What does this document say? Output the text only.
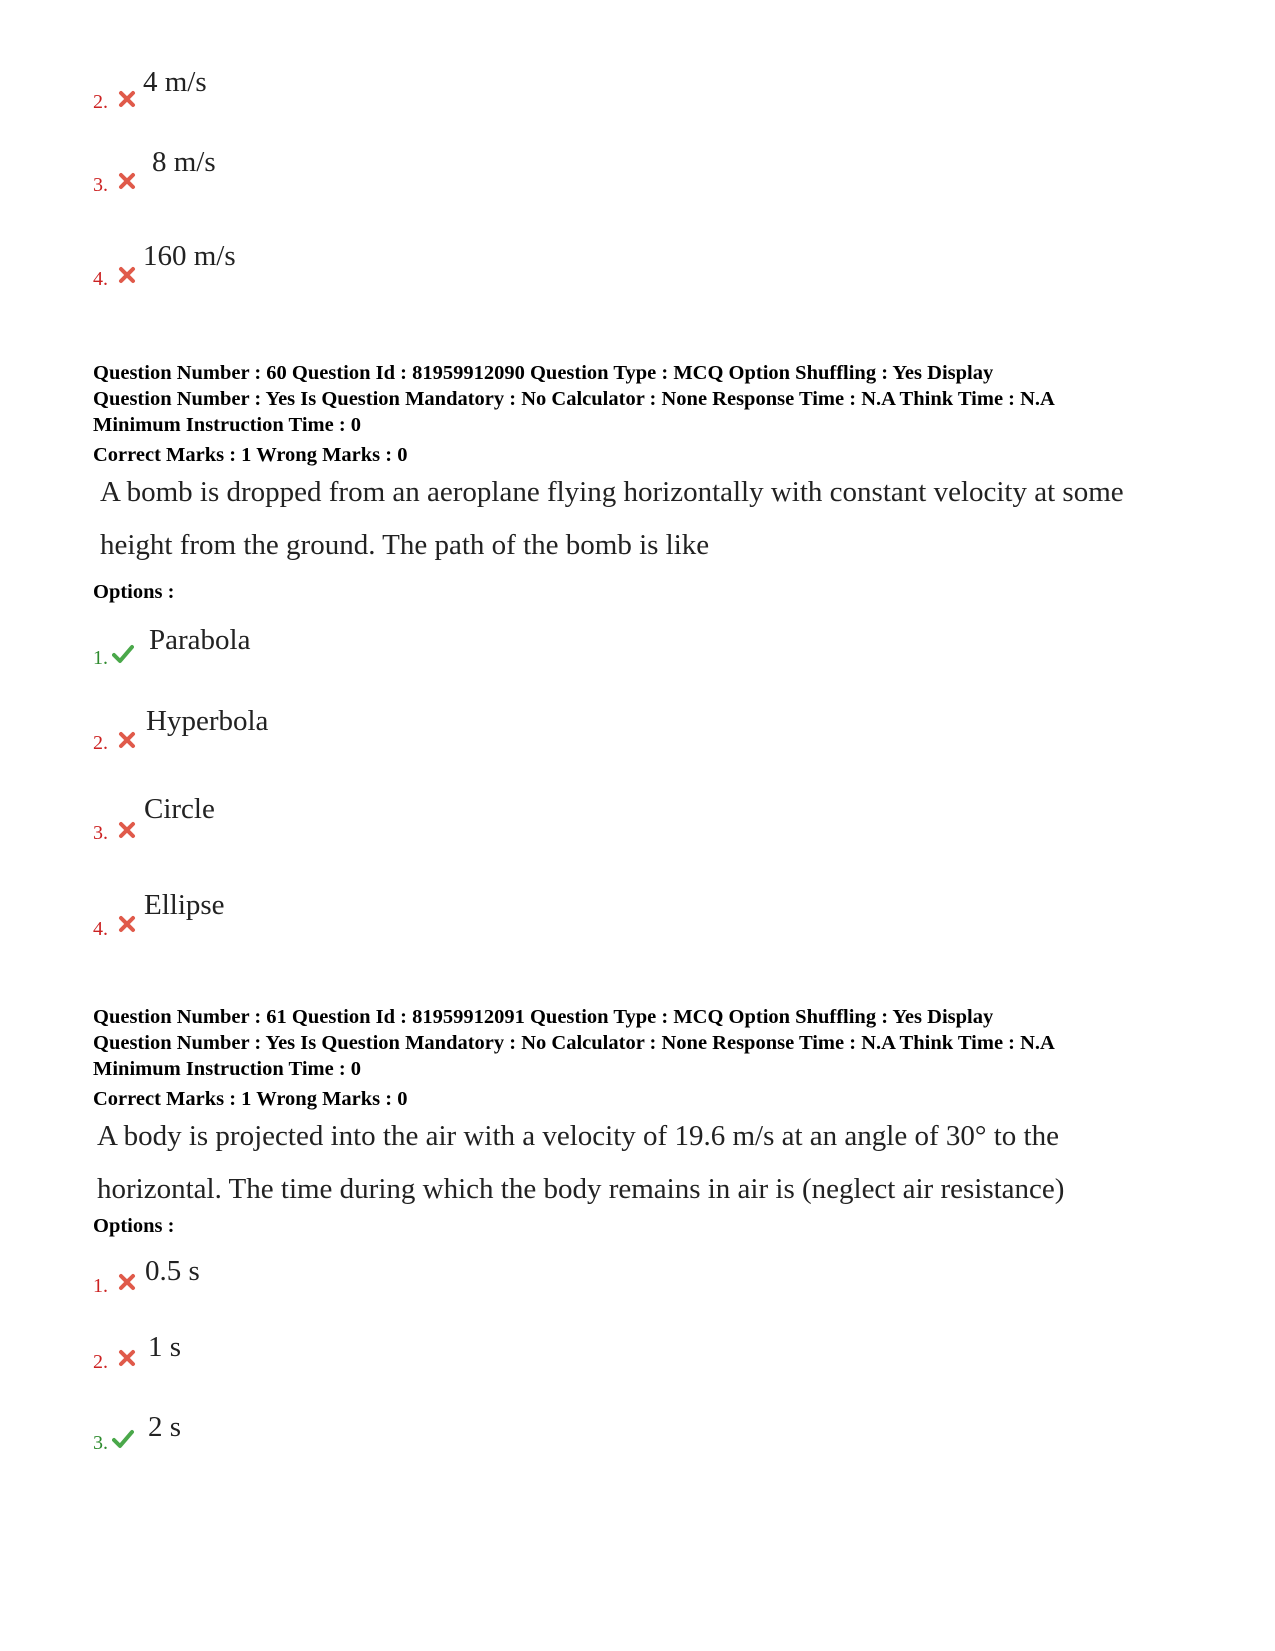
2.
4 m/s
3.
8 m/s
4.
160 m/s
Question Number : 60 Question Id : 81959912090 Question Type : MCQ Option Shuffling : Yes Display
Question Number : Yes Is Question Mandatory : No Calculator : None Response Time : N.A Think Time : N.A
Minimum Instruction Time : 0
Correct Marks : 1 Wrong Marks : 0
A bomb is dropped from an aeroplane flying horizontally with constant velocity at some
height from the ground. The path of the bomb is like
Options :
1.
Parabola
2.
Hyperbola
3.
Circle
4.
Ellipse
Question Number : 61 Question Id : 81959912091 Question Type : MCQ Option Shuffling : Yes Display
Question Number : Yes Is Question Mandatory : No Calculator : None Response Time : N.A Think Time : N.A
Minimum Instruction Time : 0
Correct Marks : 1 Wrong Marks : 0
A body is projected into the air with a velocity of 19.6 m/s at an angle of 30° to the
horizontal. The time during which the body remains in air is (neglect air resistance)
Options :
1. 0.5 s
2. 1 s
3. 2 s
